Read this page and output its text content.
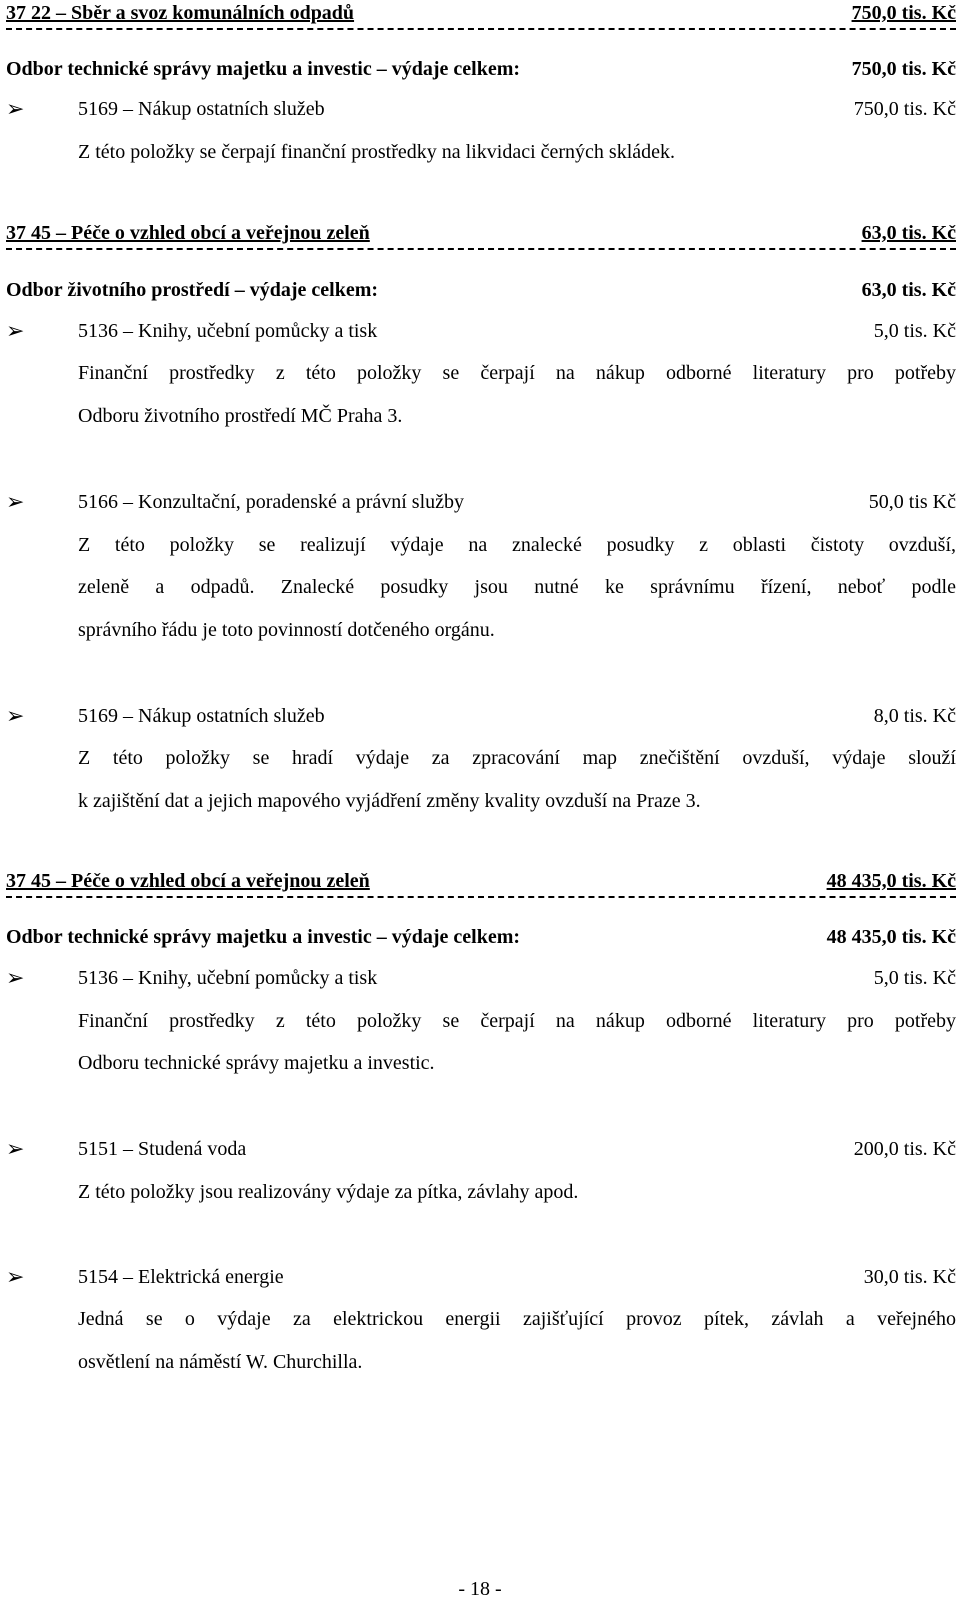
37 22 – Sběr a svoz komunálních odpadů	750,0 tis. Kč
Odbor technické správy majetku a investic – výdaje celkem:	750,0 tis. Kč
➢	5169 – Nákup ostatních služeb	750,0 tis. Kč
Z této položky se čerpají finanční prostředky na likvidaci černých skládek.
37 45 – Péče o vzhled obcí a veřejnou zeleň	63,0 tis. Kč
Odbor životního prostředí – výdaje celkem:	63,0 tis. Kč
➢	5136 – Knihy, učební pomůcky a tisk	5,0 tis. Kč
Finanční prostředky z této položky se čerpají na nákup odborné literatury pro potřeby
Odboru životního prostředí MČ Praha 3.
➢	5166 – Konzultační, poradenské a právní služby	50,0 tis Kč
Z této položky se realizují výdaje na znalecké posudky z oblasti čistoty ovzduší,
zeleně a odpadů. Znalecké posudky jsou nutné ke správnímu řízení, neboť podle
správního řádu je toto povinností dotčeného orgánu.
➢	5169 – Nákup ostatních služeb	8,0 tis. Kč
Z této položky se hradí výdaje za zpracování map znečištění ovzduší, výdaje slouží
k zajištění dat a jejich mapového vyjádření změny kvality ovzduší na Praze 3.
37 45 – Péče o vzhled obcí a veřejnou zeleň	48 435,0 tis. Kč
Odbor technické správy majetku a investic – výdaje celkem:	48 435,0 tis. Kč
➢	5136 – Knihy, učební pomůcky a tisk	5,0 tis. Kč
Finanční prostředky z této položky se čerpají na nákup odborné literatury pro potřeby
Odboru technické správy majetku a investic.
➢	5151 – Studená voda	200,0 tis. Kč
Z této položky jsou realizovány výdaje za pítka, závlahy apod.
➢	5154 – Elektrická energie	30,0 tis. Kč
Jedná se o výdaje za elektrickou energii zajišťující provoz pítek, závlah a veřejného
osvětlení na náměstí W. Churchilla.
- 18 -
